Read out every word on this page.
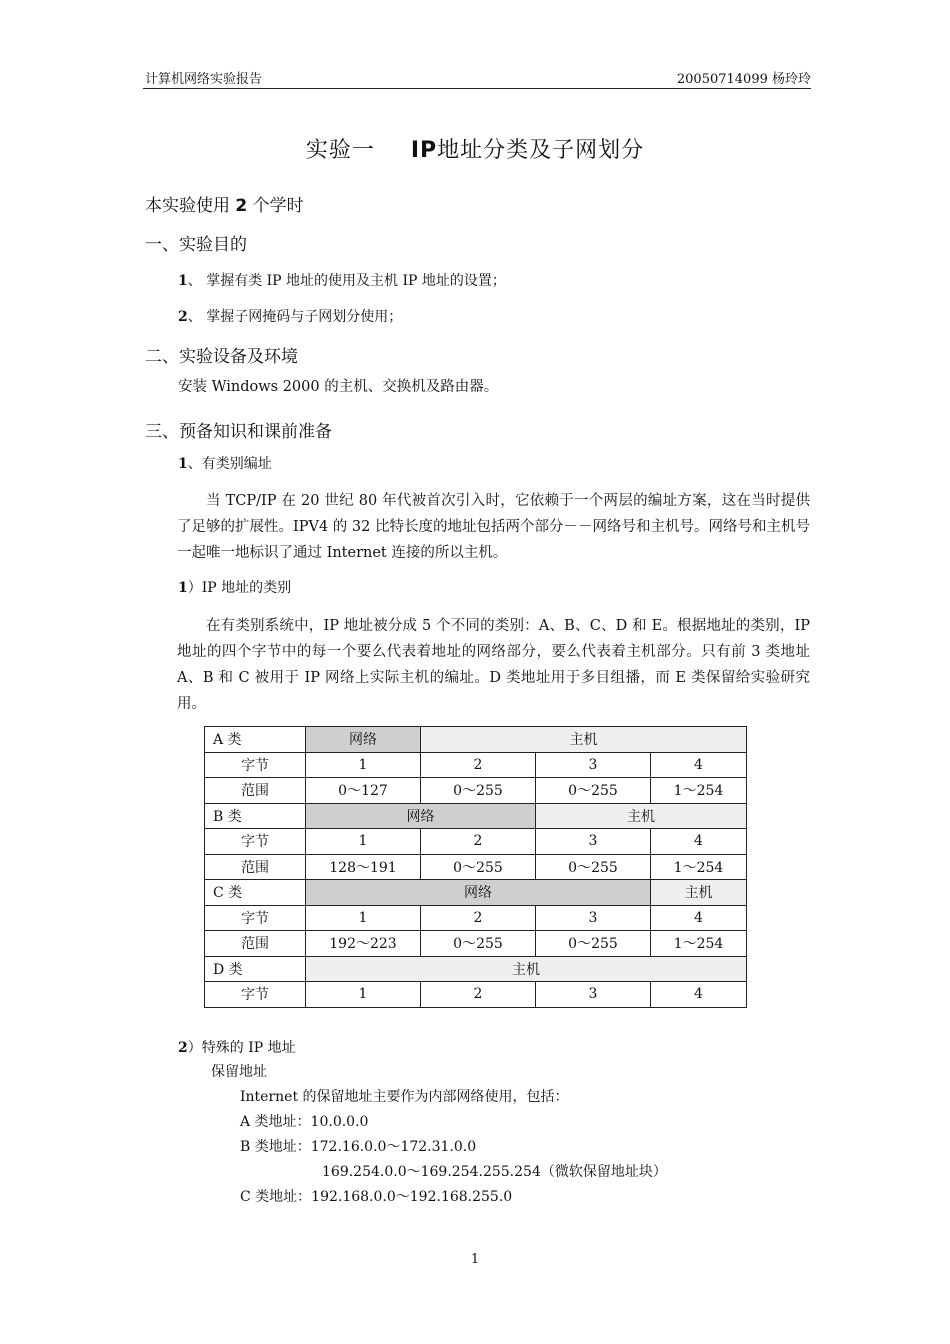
计算机网络实验报告	20050714099 杨玲玲
实验一 IP地址分类及子网划分
本实验使用 2 个学时
一、实验目的
1、 掌握有类 IP 地址的使用及主机 IP 地址的设置；
2、 掌握子网掩码与子网划分使用；
二、实验设备及环境
安装 Windows 2000 的主机、交换机及路由器。
三、预备知识和课前准备
1、有类别编址
当 TCP/IP 在 20 世纪 80 年代被首次引入时，它依赖于一个两层的编址方案，这在当时提供了足够的扩展性。IPV4 的 32 比特长度的地址包括两个部分－－网络号和主机号。网络号和主机号一起唯一地标识了通过 Internet 连接的所以主机。
1）IP 地址的类别
在有类别系统中，IP 地址被分成 5 个不同的类别：A、B、C、D 和 E。根据地址的类别，IP 地址的四个字节中的每一个要么代表着地址的网络部分，要么代表着主机部分。只有前 3 类地址 A、B 和 C 被用于 IP 网络上实际主机的编址。D 类地址用于多目组播，而 E 类保留给实验研究用。
A 类	网络	主机		
字节	1	2	3	4
范围	0～127	0～255	0～255	1～254
B 类	网络		主机	
字节	1	2	3	4
范围	128～191	0～255	0～255	1～254
C 类	网络			主机
字节	1	2	3	4
范围	192～223	0～255	0～255	1～254
D 类	主机			
字节	1	2	3	4
2）特殊的 IP 地址
保留地址
Internet 的保留地址主要作为内部网络使用，包括：
A 类地址：10.0.0.0
B 类地址：172.16.0.0～172.31.0.0
169.254.0.0～169.254.255.254（微软保留地址块）
C 类地址：192.168.0.0～192.168.255.0
1
